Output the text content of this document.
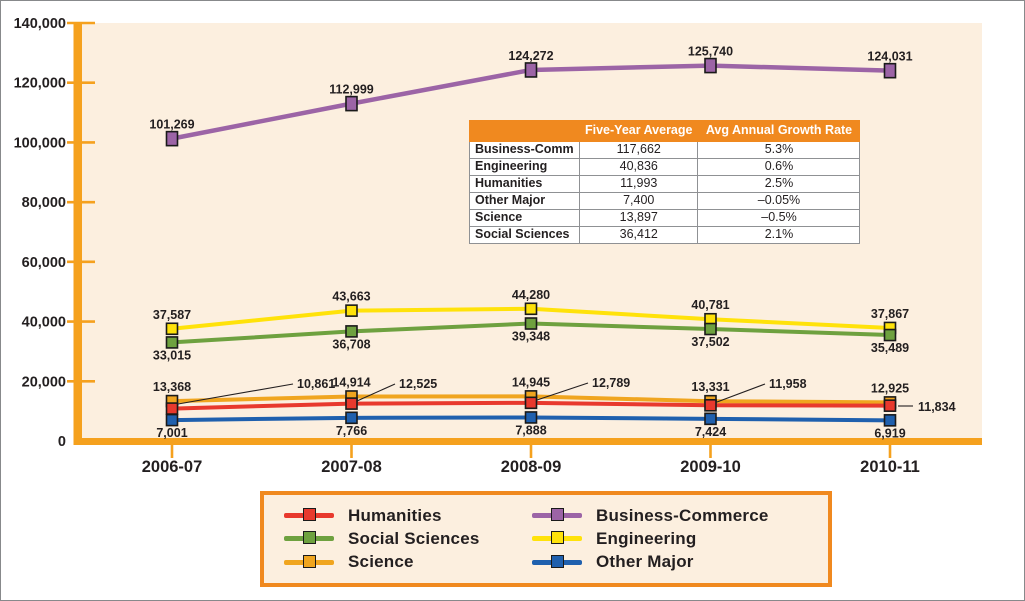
0
20,000
40,000
60,000
80,000
100,000
120,000
140,000
2006-07	2007-08	2008-09	2009-10	2010-11
101,269
112,999
124,272	125,740	124,031
37,587
43,663	44,280
40,781
37,867
33,015
36,708
39,348	37,502	35,489
13,368	14,914	14,945	13,331	12,925
10,861	12,525	12,789	11,958
11,834
7,001	7,766	7,888	7,424	6,919
	Five-Year Average	Avg Annual Growth Rate
Business-Comm	117,662	5.3%
Engineering	40,836	0.6%
Humanities	11,993	2.5%
Other Major	7,400	–0.05%
Science	13,897	–0.5%
Social Sciences	36,412	2.1%
Humanities
Social Sciences
Science
Business-Commerce
Engineering
Other Major
